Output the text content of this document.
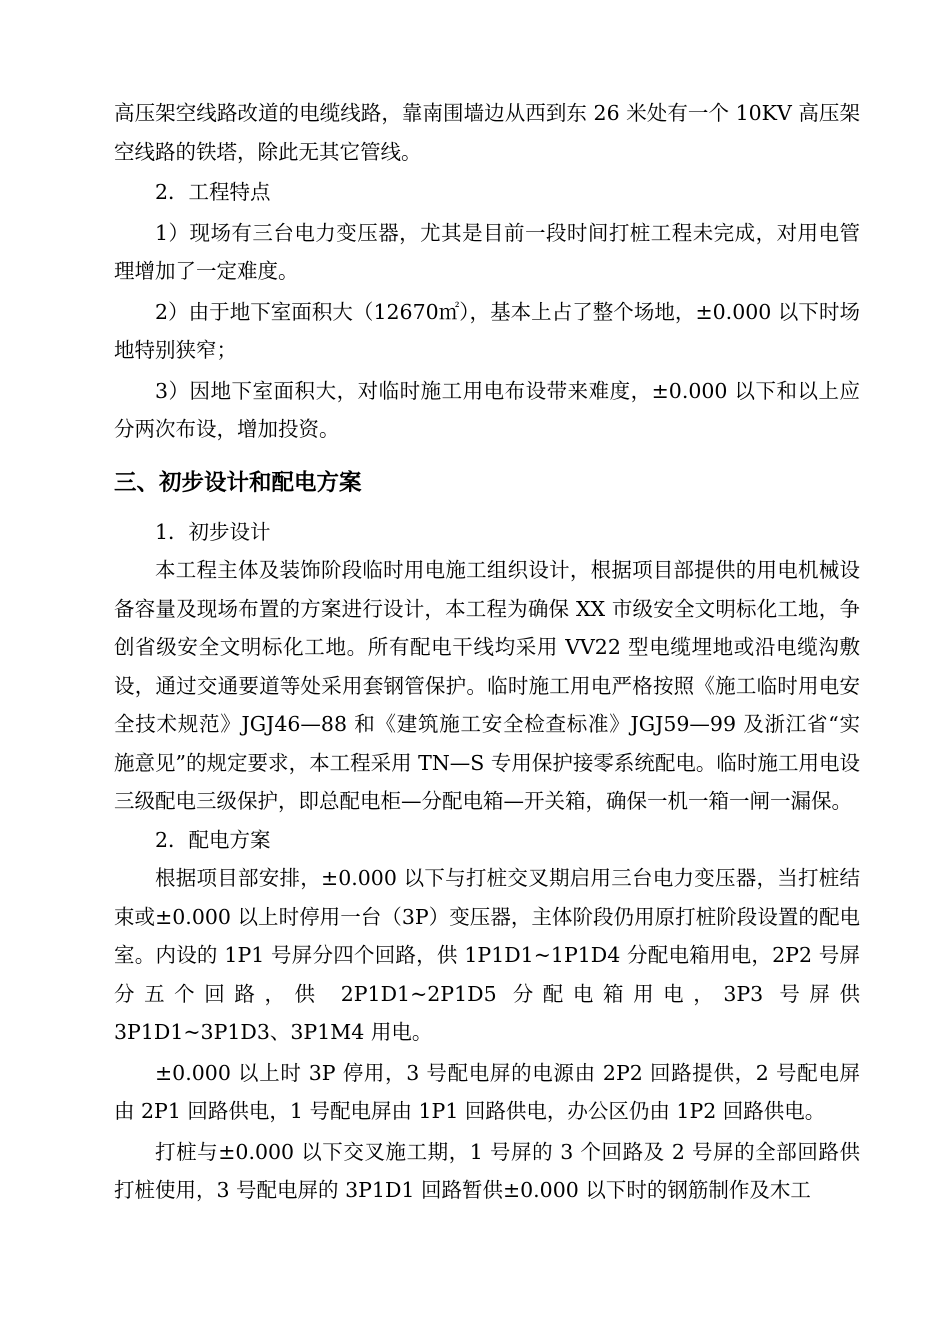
高压架空线路改道的电缆线路，靠南围墙边从西到东 26 米处有一个 10KV 高压架空线路的铁塔，除此无其它管线。

2．工程特点

1）现场有三台电力变压器，尤其是目前一段时间打桩工程未完成，对用电管理增加了一定难度。

2）由于地下室面积大（12670㎡），基本上占了整个场地，±0.000 以下时场地特别狭窄；

3）因地下室面积大，对临时施工用电布设带来难度，±0.000 以下和以上应分两次布设，增加投资。

三、初步设计和配电方案

1．初步设计

本工程主体及装饰阶段临时用电施工组织设计，根据项目部提供的用电机械设备容量及现场布置的方案进行设计，本工程为确保 XX 市级安全文明标化工地，争创省级安全文明标化工地。所有配电干线均采用 VV22 型电缆埋地或沿电缆沟敷设，通过交通要道等处采用套钢管保护。临时施工用电严格按照《施工临时用电安全技术规范》JGJ46—88 和《建筑施工安全检查标准》JGJ59—99 及浙江省“实施意见”的规定要求，本工程采用 TN—S 专用保护接零系统配电。临时施工用电设三级配电三级保护，即总配电柜—分配电箱—开关箱，确保一机一箱一闸一漏保。

2．配电方案

根据项目部安排，±0.000 以下与打桩交叉期启用三台电力变压器，当打桩结束或±0.000 以上时停用一台（3P）变压器，主体阶段仍用原打桩阶段设置的配电室。内设的 1P1 号屏分四个回路，供 1P1D1~1P1D4 分配电箱用电，2P2 号屏分五个回路，供 2P1D1~2P1D5 分配电箱用电，3P3 号屏供 3P1D1~3P1D3、3P1M4 用电。

±0.000 以上时 3P 停用，3 号配电屏的电源由 2P2 回路提供，2 号配电屏由 2P1 回路供电，1 号配电屏由 1P1 回路供电，办公区仍由 1P2 回路供电。

打桩与±0.000 以下交叉施工期，1 号屏的 3 个回路及 2 号屏的全部回路供打桩使用，3 号配电屏的 3P1D1 回路暂供±0.000 以下时的钢筋制作及木工
